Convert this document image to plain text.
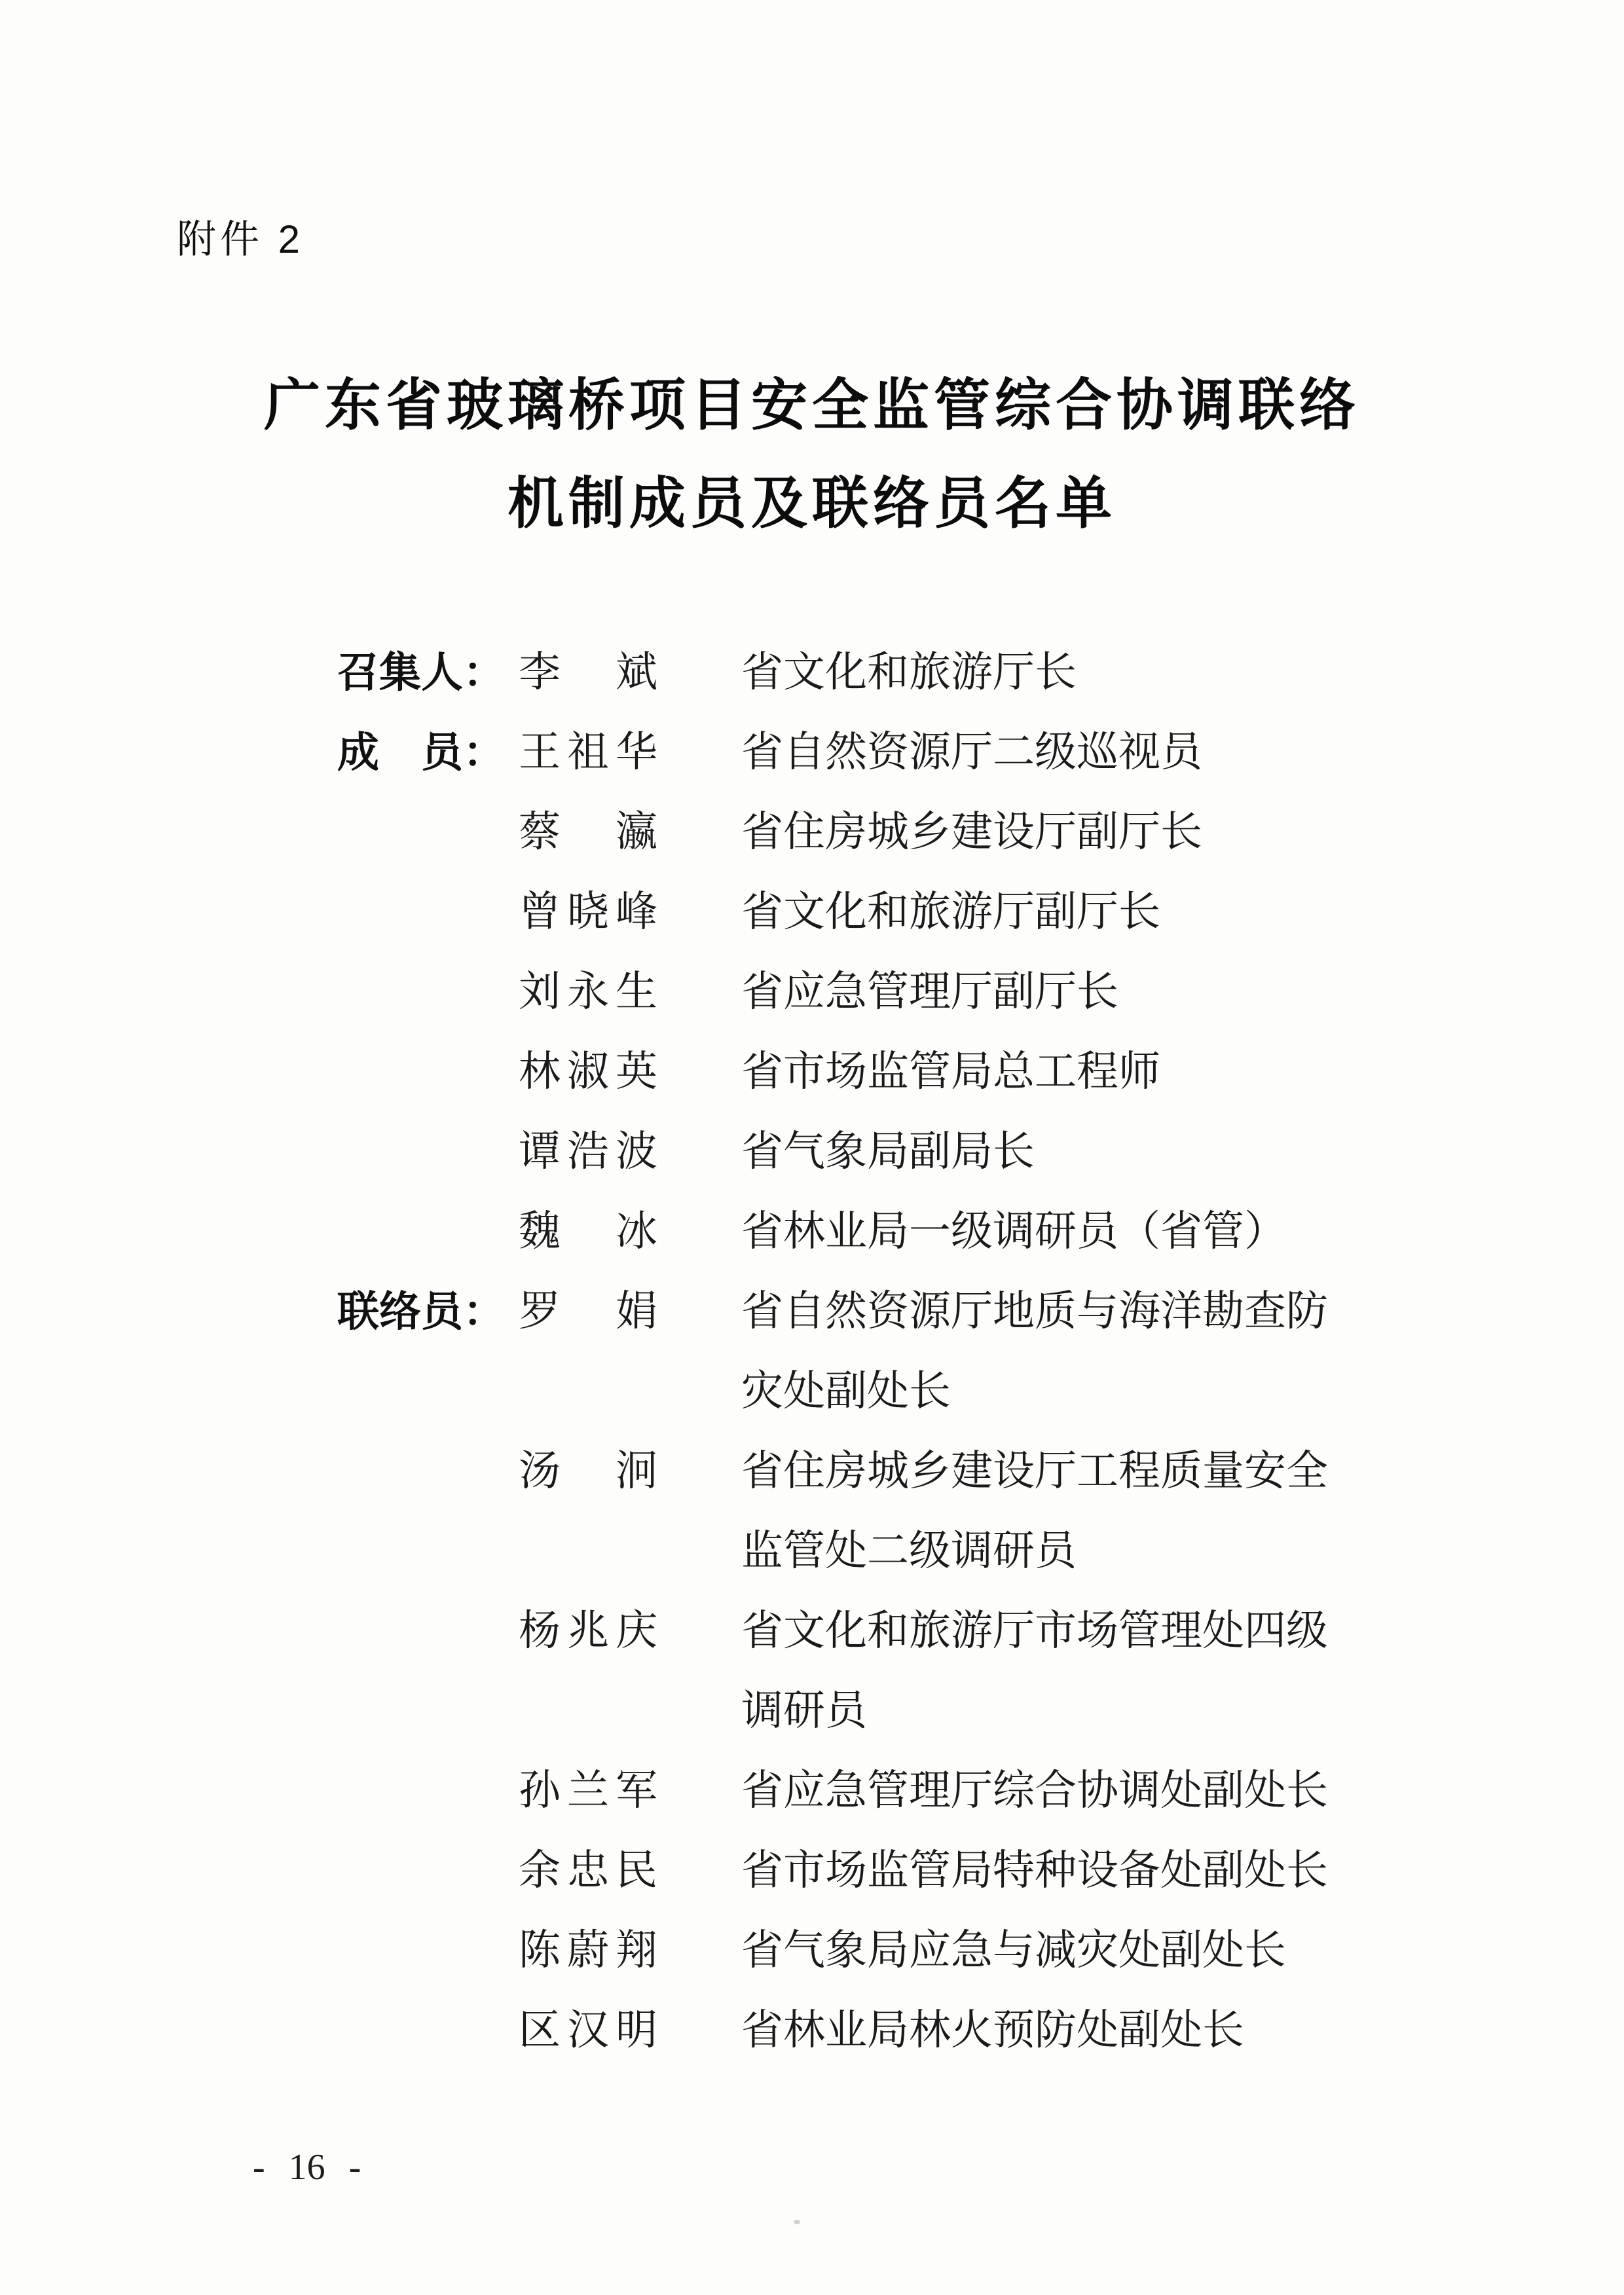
附件 2
广东省玻璃桥项目安全监管综合协调联络
机制成员及联络员名单
召集人： 李　斌 省文化和旅游厅长
成　员： 王祖华 省自然资源厅二级巡视员
蔡　瀛 省住房城乡建设厅副厅长
曾晓峰 省文化和旅游厅副厅长
刘永生 省应急管理厅副厅长
林淑英 省市场监管局总工程师
谭浩波 省气象局副局长
魏　冰 省林业局一级调研员（省管）
联络员： 罗　娟 省自然资源厅地质与海洋勘查防灾处副处长
汤　泂 省住房城乡建设厅工程质量安全监管处二级调研员
杨兆庆 省文化和旅游厅市场管理处四级调研员
孙兰军 省应急管理厅综合协调处副处长
余忠民 省市场监管局特种设备处副处长
陈蔚翔 省气象局应急与减灾处副处长
区汉明 省林业局林火预防处副处长
- 16 -
